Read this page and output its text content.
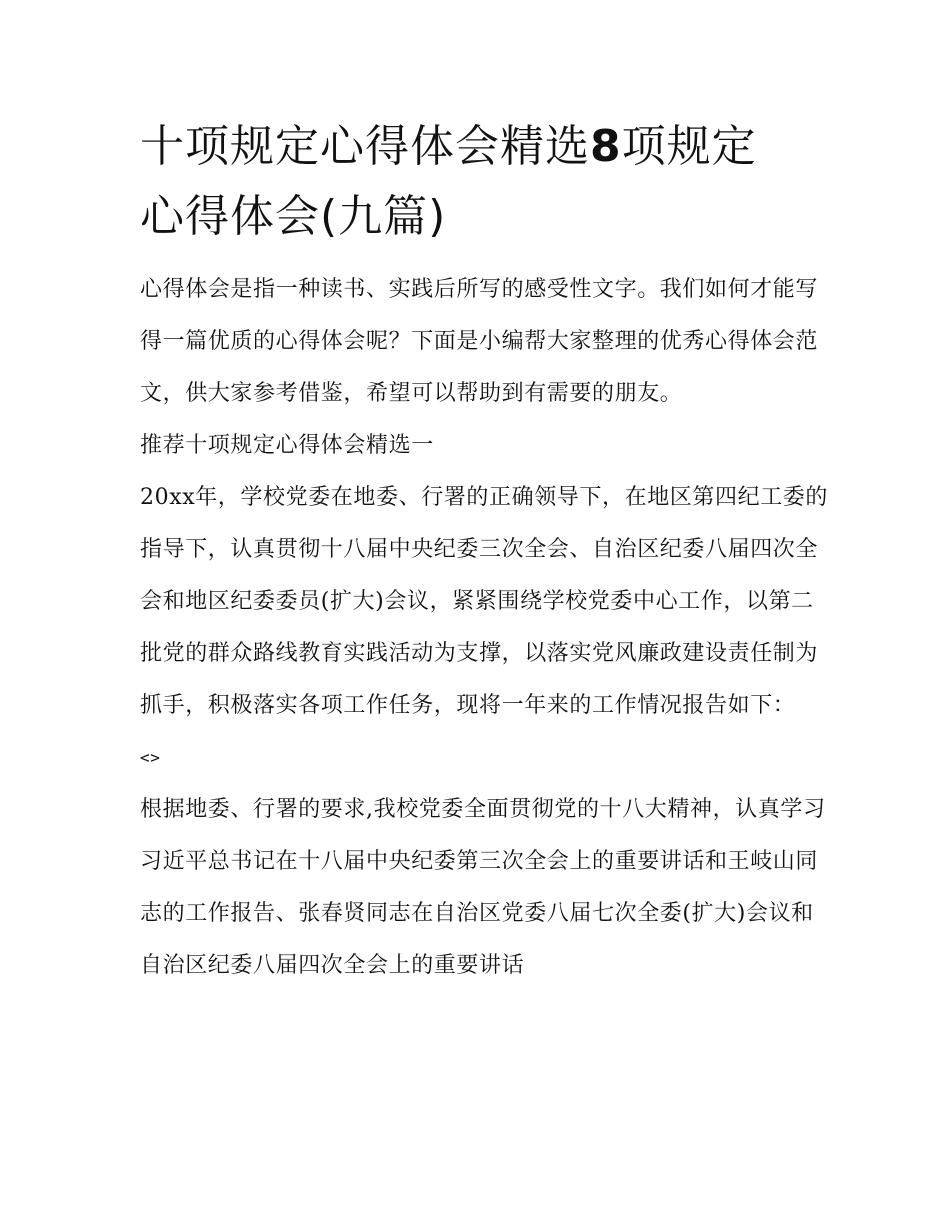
十项规定心得体会精选8项规定心得体会(九篇)

心得体会是指一种读书、实践后所写的感受性文字。我们如何才能写得一篇优质的心得体会呢？下面是小编帮大家整理的优秀心得体会范文，供大家参考借鉴，希望可以帮助到有需要的朋友。

推荐十项规定心得体会精选一

20xx年，学校党委在地委、行署的正确领导下，在地区第四纪工委的指导下，认真贯彻十八届中央纪委三次全会、自治区纪委八届四次全会和地区纪委委员(扩大)会议，紧紧围绕学校党委中心工作，以第二批党的群众路线教育实践活动为支撑，以落实党风廉政建设责任制为抓手，积极落实各项工作任务，现将一年来的工作情况报告如下：

<>

根据地委、行署的要求,我校党委全面贯彻党的十八大精神，认真学习习近平总书记在十八届中央纪委第三次全会上的重要讲话和王岐山同志的工作报告、张春贤同志在自治区党委八届七次全委(扩大)会议和自治区纪委八届四次全会上的重要讲话
